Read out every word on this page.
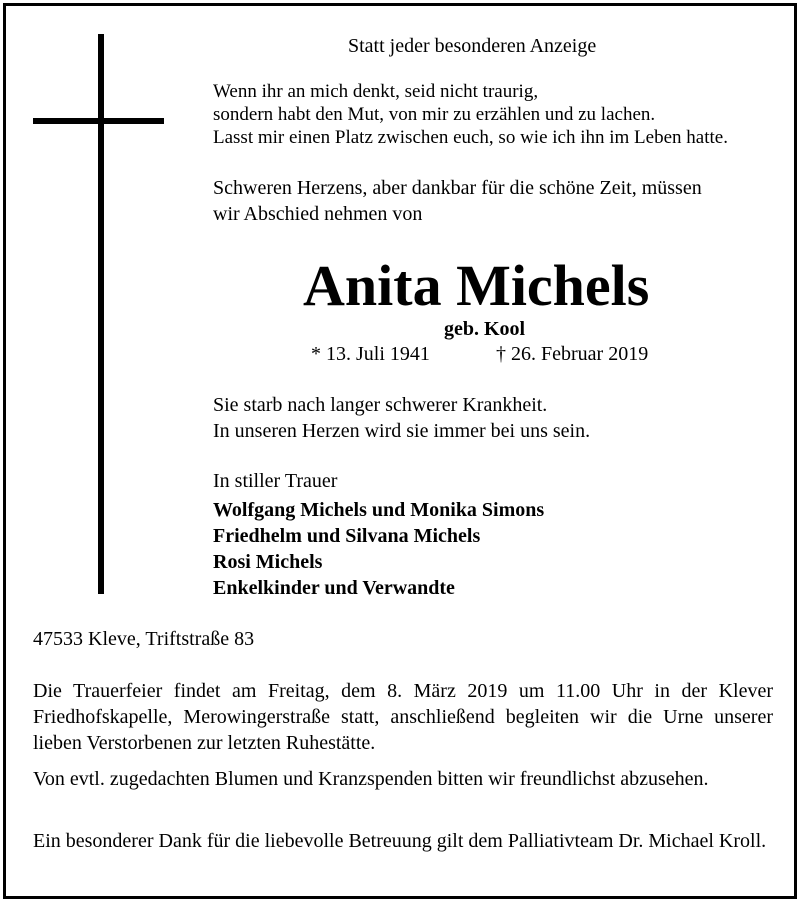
Statt jeder besonderen Anzeige
Wenn ihr an mich denkt, seid nicht traurig,
sondern habt den Mut, von mir zu erzählen und zu lachen.
Lasst mir einen Platz zwischen euch, so wie ich ihn im Leben hatte.
Schweren Herzens, aber dankbar für die schöne Zeit, müssen
wir Abschied nehmen von
Anita Michels
geb. Kool
* 13. Juli 1941	† 26. Februar 2019
Sie starb nach langer schwerer Krankheit.
In unseren Herzen wird sie immer bei uns sein.
In stiller Trauer
Wolfgang Michels und Monika Simons
Friedhelm und Silvana Michels
Rosi Michels
Enkelkinder und Verwandte
47533 Kleve, Triftstraße 83
Die Trauerfeier findet am Freitag, dem 8. März 2019 um 11.00 Uhr in der Klever Friedhofskapelle, Merowingerstraße statt, anschließend begleiten wir die Urne unserer lieben Verstorbenen zur letzten Ruhestätte.
Von evtl. zugedachten Blumen und Kranzspenden bitten wir freundlichst abzusehen.
Ein besonderer Dank für die liebevolle Betreuung gilt dem Palliativteam Dr. Michael Kroll.
